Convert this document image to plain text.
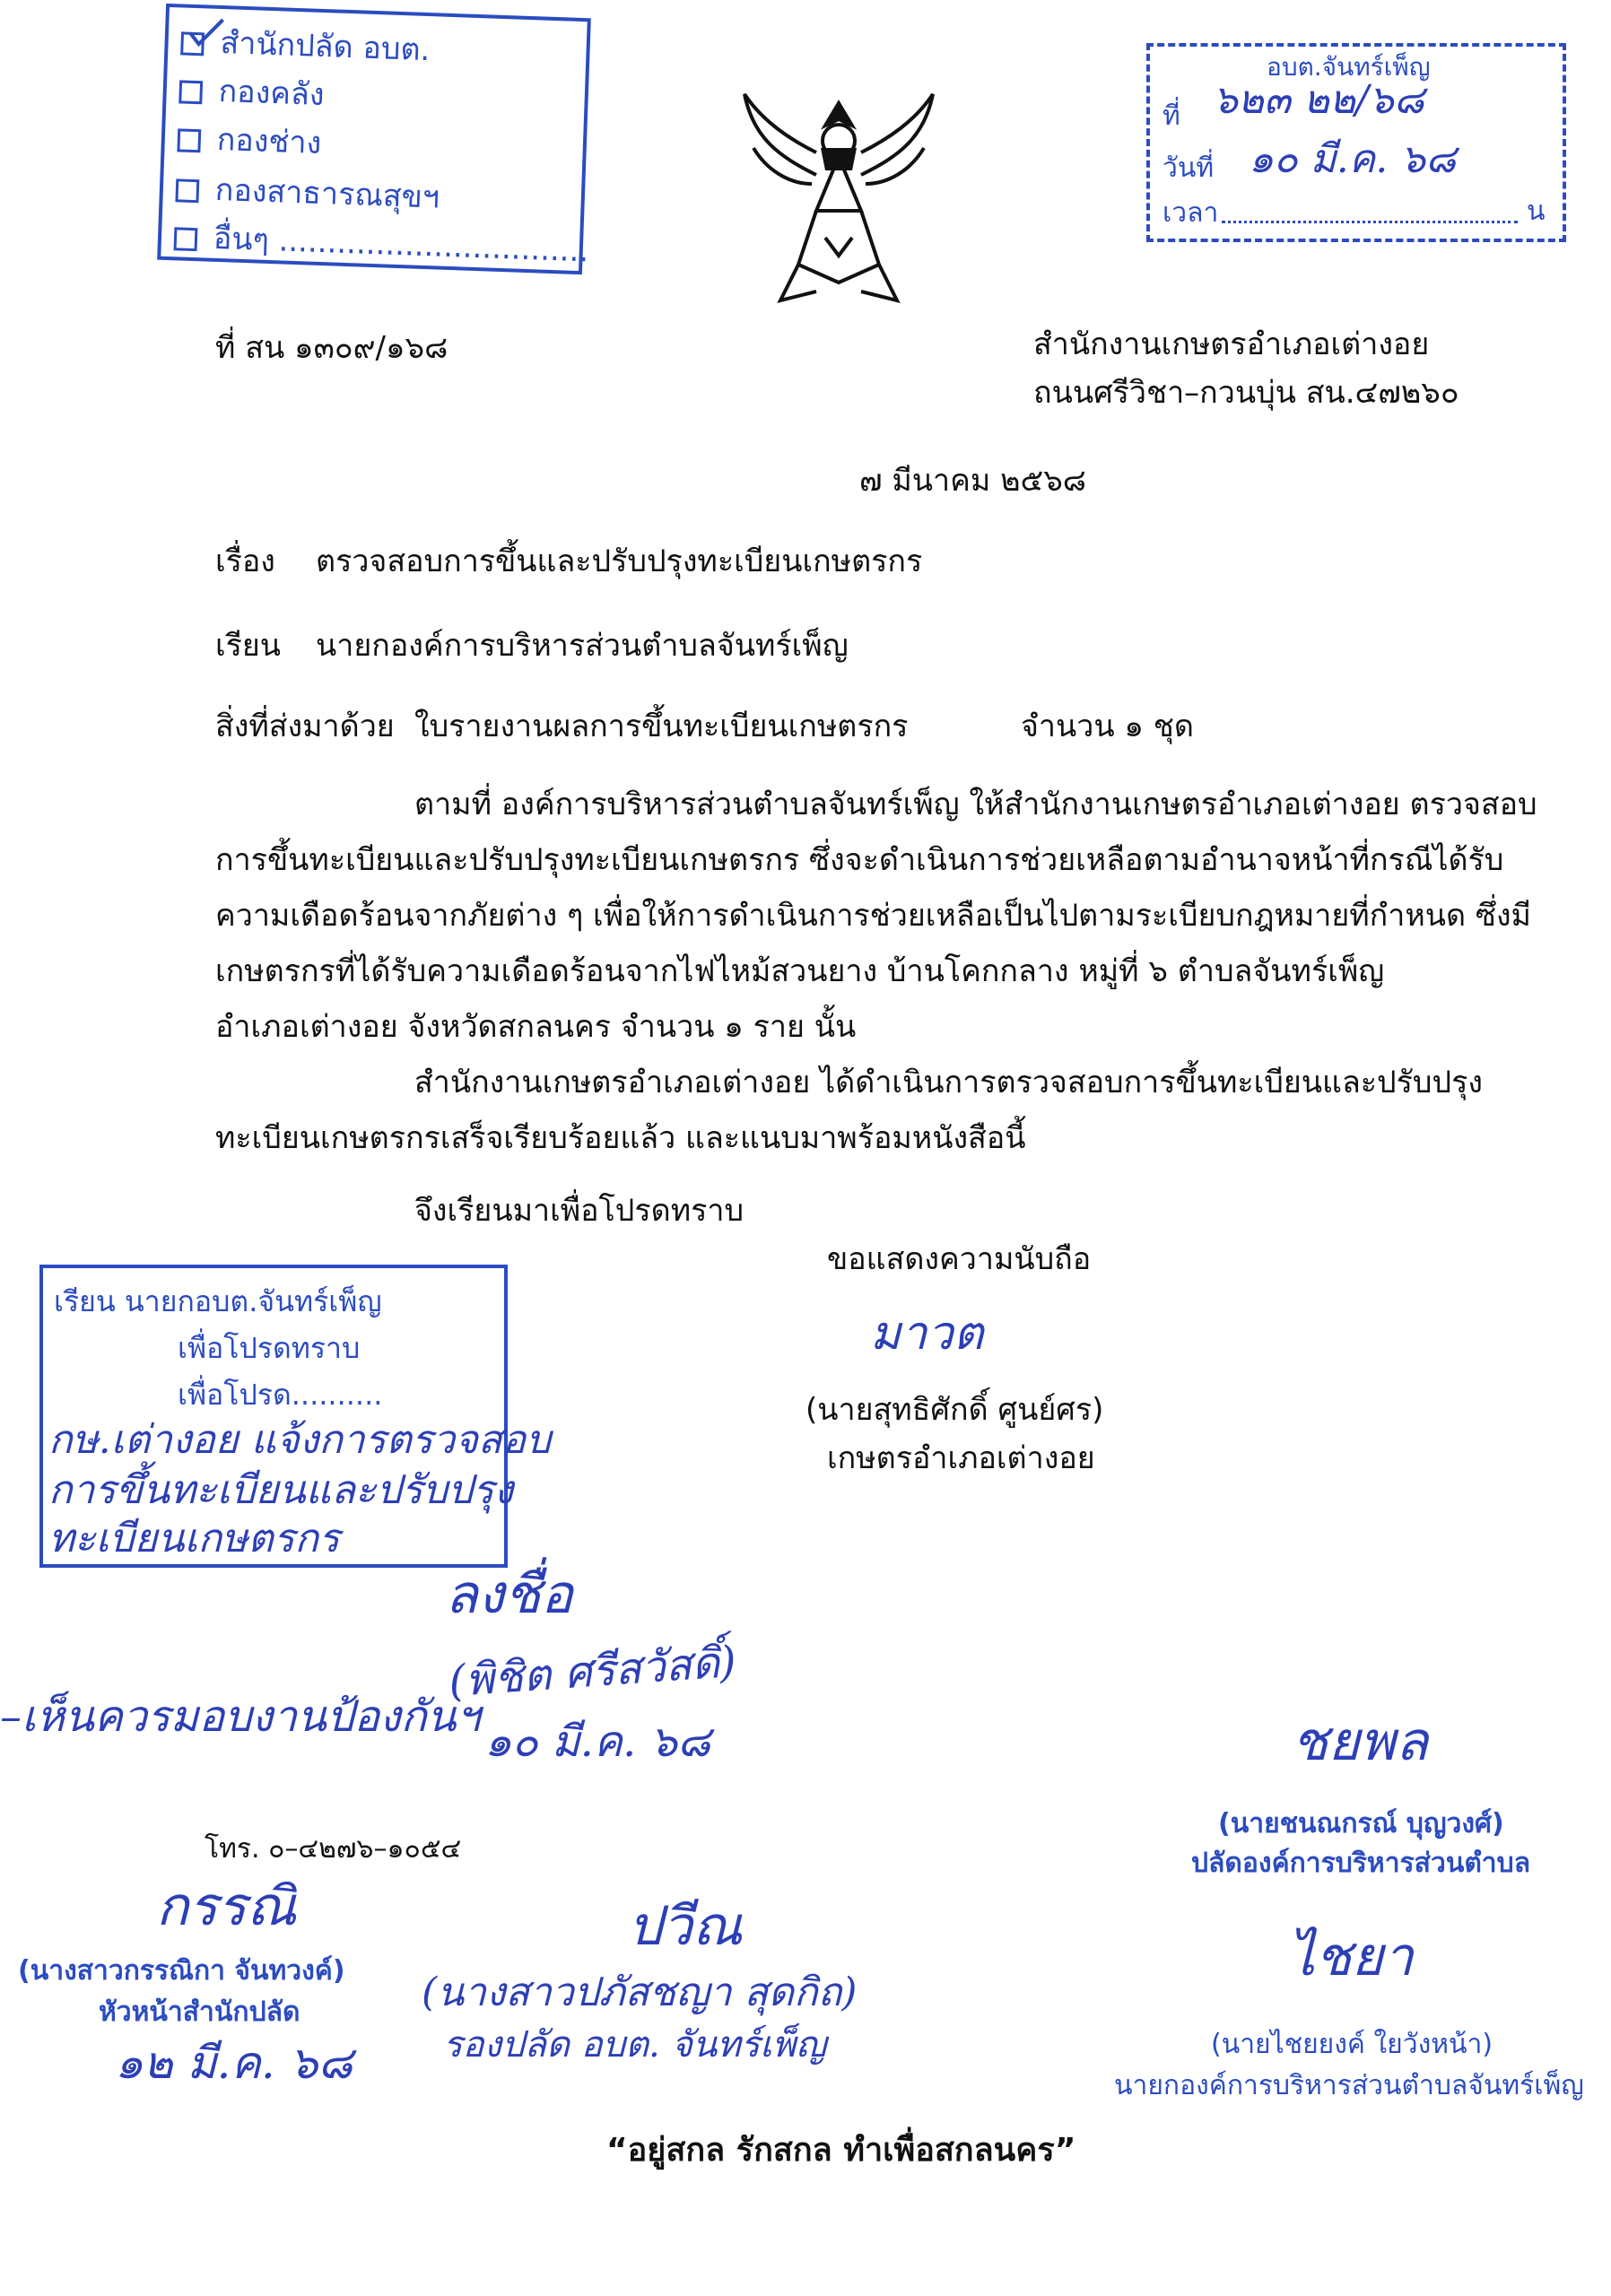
สำนักปลัด อบต.
กองคลัง
กองช่าง
กองสาธารณสุขฯ
อื่นๆ ................................
อบต.จันทร์เพ็ญ
ที่ ๖๒๓ ๒๒/๖๘
วันที่ ๑๐ มี.ค. ๖๘
เวลา	น
ที่ สน ๑๓๐๙/๑๖๘	สำนักงานเกษตรอำเภอเต่างอย
ถนนศรีวิชา–กวนบุ่น สน.๔๗๒๖๐
๗ มีนาคม ๒๕๖๘
เรื่อง ตรวจสอบการขึ้นและปรับปรุงทะเบียนเกษตรกร
เรียน นายกองค์การบริหารส่วนตำบลจันทร์เพ็ญ
สิ่งที่ส่งมาด้วย ใบรายงานผลการขึ้นทะเบียนเกษตรกร	จำนวน ๑ ชุด
ตามที่ องค์การบริหารส่วนตำบลจันทร์เพ็ญ ให้สำนักงานเกษตรอำเภอเต่างอย ตรวจสอบ
การขึ้นทะเบียนและปรับปรุงทะเบียนเกษตรกร ซึ่งจะดำเนินการช่วยเหลือตามอำนาจหน้าที่กรณีได้รับ
ความเดือดร้อนจากภัยต่าง ๆ เพื่อให้การดำเนินการช่วยเหลือเป็นไปตามระเบียบกฎหมายที่กำหนด ซึ่งมี
เกษตรกรที่ได้รับความเดือดร้อนจากไฟไหม้สวนยาง บ้านโคกกลาง หมู่ที่ ๖ ตำบลจันทร์เพ็ญ
อำเภอเต่างอย จังหวัดสกลนคร จำนวน ๑ ราย นั้น
สำนักงานเกษตรอำเภอเต่างอย ได้ดำเนินการตรวจสอบการขึ้นทะเบียนและปรับปรุง
ทะเบียนเกษตรกรเสร็จเรียบร้อยแล้ว และแนบมาพร้อมหนังสือนี้
จึงเรียนมาเพื่อโปรดทราบ
ขอแสดงความนับถือ
มาวต
(นายสุทธิศักดิ์ ศูนย์ศร)
เกษตรอำเภอเต่างอย
เรียน นายกอบต.จันทร์เพ็ญ
เพื่อโปรดทราบ
เพื่อโปรด..........
กษ.เต่างอย แจ้งการตรวจสอบ
การขึ้นทะเบียนและปรับปรุง
ทะเบียนเกษตรกร
ลงชื่อ
–เห็นควรมอบงานป้องกันฯ
(พิชิต ศรีสวัสดิ์)
๑๐ มี.ค. ๖๘
โทร. ๐–๔๒๗๖–๑๐๕๔
กรรณิ
(นางสาวกรรณิกา จันทวงค์)
หัวหน้าสำนักปลัด
๑๒ มี.ค. ๖๘
ปวีณ
(นางสาวปภัสชญา สุดกิถ)
รองปลัด อบต. จันทร์เพ็ญ
ชยพล
(นายชนณกรณ์ บุญวงศ์)
ปลัดองค์การบริหารส่วนตำบล
ไชยา
(นายไชยยงค์ ใยวังหน้า)
นายกองค์การบริหารส่วนตำบลจันทร์เพ็ญ
“อยู่สกล รักสกล ทำเพื่อสกลนคร”
